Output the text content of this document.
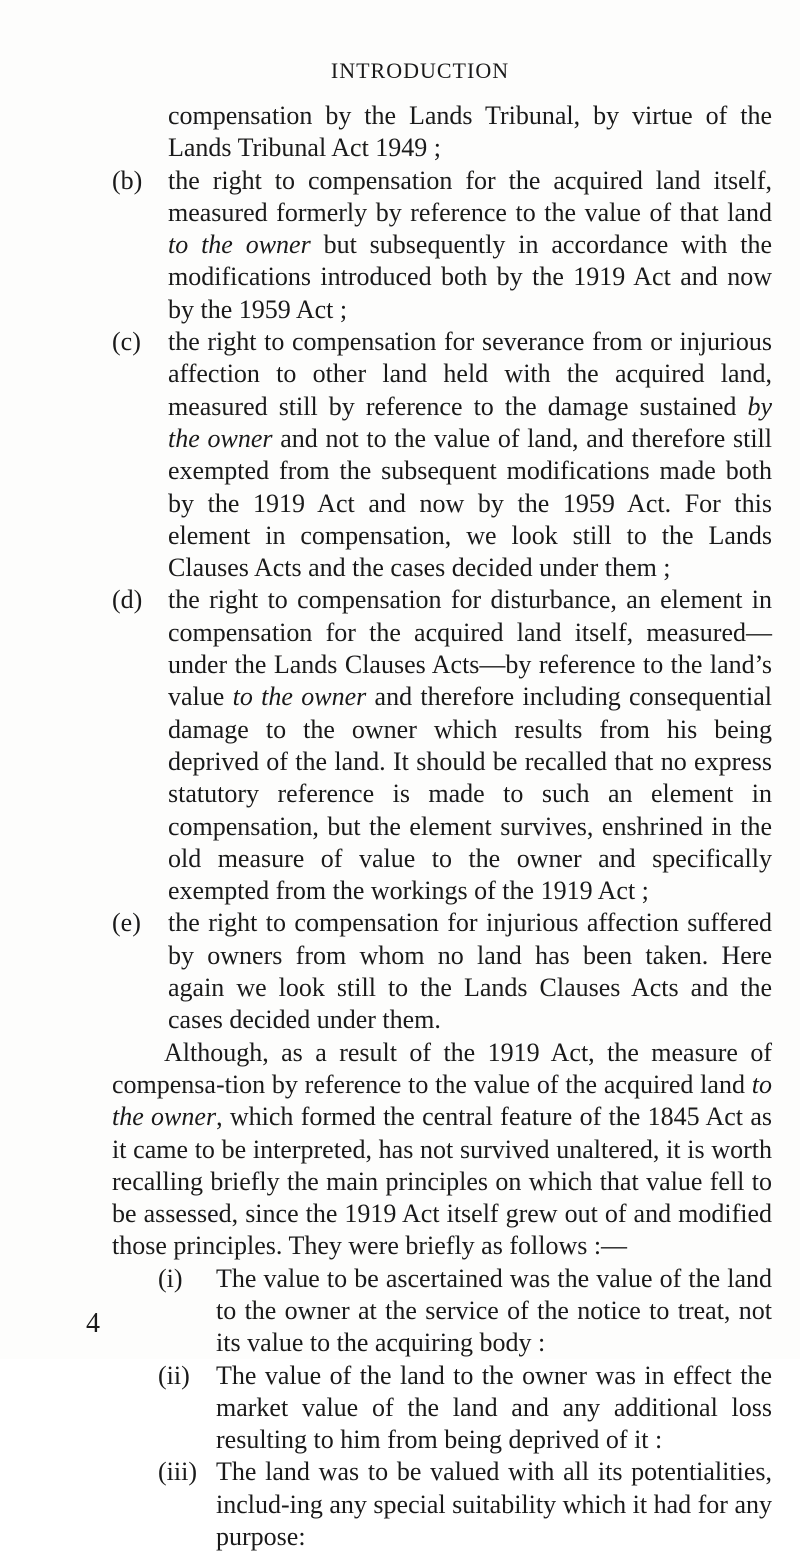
INTRODUCTION

compensation by the Lands Tribunal, by virtue of the Lands Tribunal Act 1949 ;

(b) the right to compensation for the acquired land itself, measured formerly by reference to the value of that land to the owner but subsequently in accordance with the modifications introduced both by the 1919 Act and now by the 1959 Act ;
(c)	the right to compensation for severance from or injurious affection to other land held with the acquired land, measured still by reference to the damage sustained by the owner and not to the value of land, and therefore still exempted from the subsequent modifications made both by the 1919 Act and now by the 1959 Act. For this element in compensation, we look still to the Lands Clauses Acts and the cases decided under them ;
(d) the right to compensation for disturbance, an element in compensation for the acquired land itself, measured—under the Lands Clauses Acts—by reference to the land’s value to the owner and therefore including consequential damage to the owner which results from his being deprived of the land. It should be recalled that no express statutory reference is made to such an element in compensation, but the element survives, enshrined in the old measure of value to the owner and specifically exempted from the workings of the 1919 Act ;
(e)	the right to compensation for injurious affection suffered by owners from whom no land has been taken. Here again we look still to the Lands Clauses Acts and the cases decided under them.

Although, as a result of the 1919 Act, the measure of compensa-tion by reference to the value of the acquired land to the owner, which formed the central feature of the 1845 Act as it came to be interpreted, has not survived unaltered, it is worth recalling briefly the main principles on which that value fell to be assessed, since the 1919 Act itself grew out of and modified those principles. They were briefly as follows :—

(i)	The value to be ascertained was the value of the land to the owner at the service of the notice to treat, not its value to the acquiring body :
(ii)	The value of the land to the owner was in effect the market value of the land and any additional loss resulting to him from being deprived of it :
(iii) The land was to be valued with all its potentialities, includ-ing any special suitability which it had for any purpose:
4
